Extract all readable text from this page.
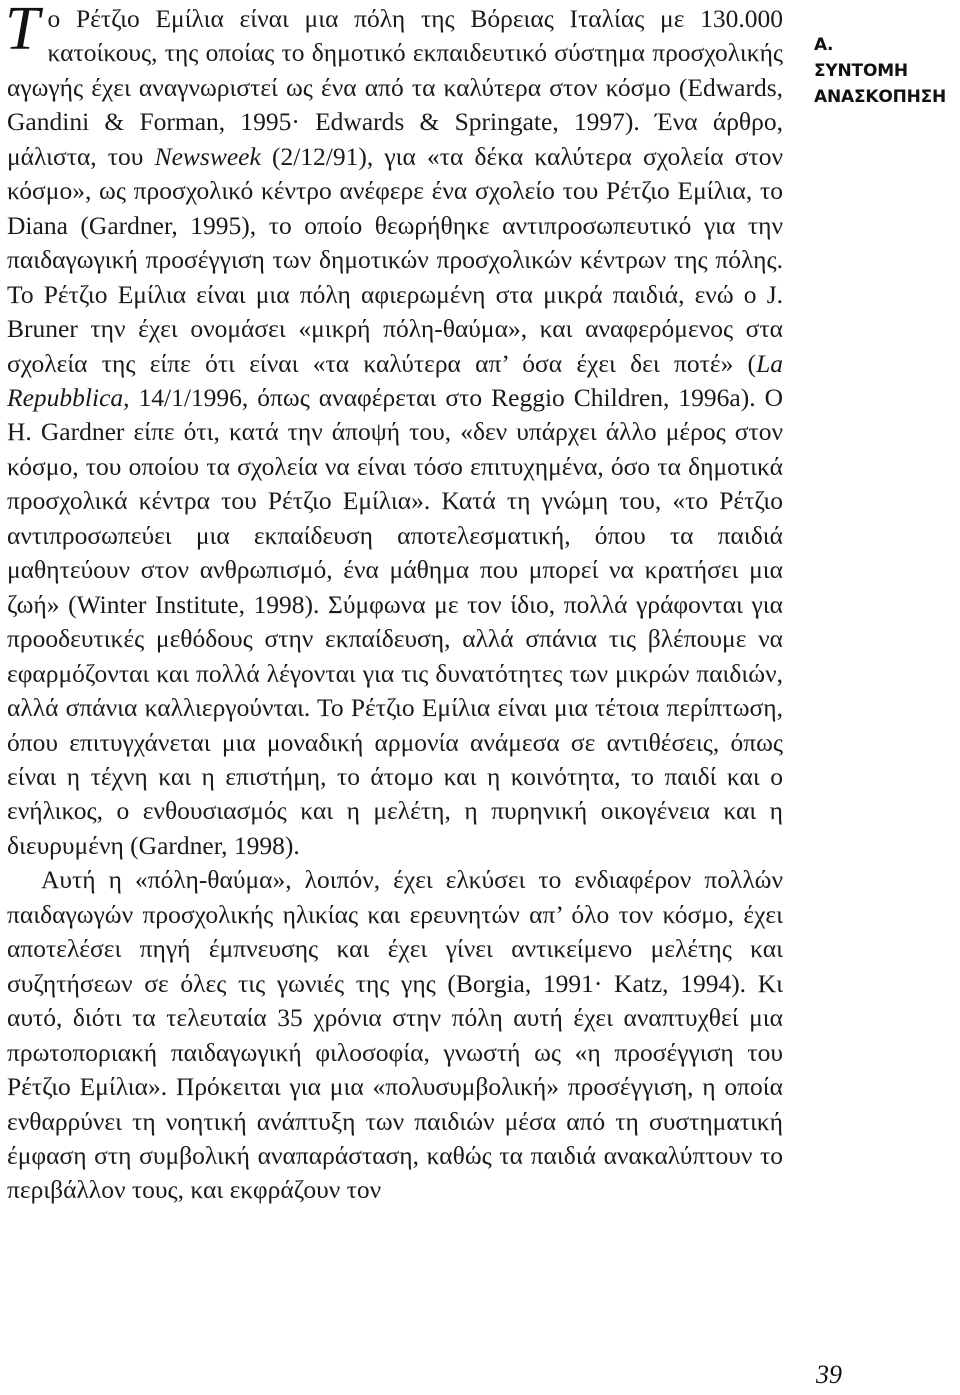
Το Ρέτζιο Εμίλια είναι μια πόλη της Βόρειας Ιταλίας με 130.000 κατοίκους, της οποίας το δημοτικό εκπαιδευτικό σύστημα προσχολικής αγωγής έχει αναγνωριστεί ως ένα από τα καλύτερα στον κόσμο (Edwards, Gandini & Forman, 1995· Edwards & Springate, 1997). Ένα άρθρο, μάλιστα, του Newsweek (2/12/91), για «τα δέκα καλύτερα σχολεία στον κόσμο», ως προσχολικό κέντρο ανέφερε ένα σχολείο του Ρέτζιο Εμίλια, το Diana (Gardner, 1995), το οποίο θεωρήθηκε αντιπροσωπευτικό για την παιδαγωγική προσέγγιση των δημοτικών προσχολικών κέντρων της πόλης. Το Ρέτζιο Εμίλια είναι μια πόλη αφιερωμένη στα μικρά παιδιά, ενώ ο J. Bruner την έχει ονομάσει «μικρή πόλη-θαύμα», και αναφερόμενος στα σχολεία της είπε ότι είναι «τα καλύτερα απ’ όσα έχει δει ποτέ» (La Repubblica, 14/1/1996, όπως αναφέρεται στο Reggio Children, 1996a). Ο Η. Gardner είπε ότι, κατά την άποψή του, «δεν υπάρχει άλλο μέρος στον κόσμο, του οποίου τα σχολεία να είναι τόσο επιτυχημένα, όσο τα δημοτικά προσχολικά κέντρα του Ρέτζιο Εμίλια». Κατά τη γνώμη του, «το Ρέτζιο αντιπροσωπεύει μια εκπαίδευση αποτελεσματική, όπου τα παιδιά μαθητεύουν στον ανθρωπισμό, ένα μάθημα που μπορεί να κρατήσει μια ζωή» (Winter Institute, 1998). Σύμφωνα με τον ίδιο, πολλά γράφονται για προοδευτικές μεθόδους στην εκπαίδευση, αλλά σπάνια τις βλέπουμε να εφαρμόζονται και πολλά λέγονται για τις δυνατότητες των μικρών παιδιών, αλλά σπάνια καλλιεργούνται. Το Ρέτζιο Εμίλια είναι μια τέτοια περίπτωση, όπου επιτυγχάνεται μια μοναδική αρμονία ανάμεσα σε αντιθέσεις, όπως είναι η τέχνη και η επιστήμη, το άτομο και η κοινότητα, το παιδί και ο ενήλικος, ο ενθουσιασμός και η μελέτη, η πυρηνική οικογένεια και η διευρυμένη (Gardner, 1998).

Αυτή η «πόλη-θαύμα», λοιπόν, έχει ελκύσει το ενδιαφέρον πολλών παιδαγωγών προσχολικής ηλικίας και ερευνητών απ’ όλο τον κόσμο, έχει αποτελέσει πηγή έμπνευσης και έχει γίνει αντικείμενο μελέτης και συζητήσεων σε όλες τις γωνιές της γης (Borgia, 1991· Katz, 1994). Κι αυτό, διότι τα τελευταία 35 χρόνια στην πόλη αυτή έχει αναπτυχθεί μια πρωτοποριακή παιδαγωγική φιλοσοφία, γνωστή ως «η προσέγγιση του Ρέτζιο Εμίλια». Πρόκειται για μια «πολυσυμβολική» προσέγγιση, η οποία ενθαρρύνει τη νοητική ανάπτυξη των παιδιών μέσα από τη συστηματική έμφαση στη συμβολική αναπαράσταση, καθώς τα παιδιά ανακαλύπτουν το περιβάλλον τους, και εκφράζουν τον

Α.
ΣΥΝΤΟΜΗ
ΑΝΑΣΚΟΠΗΣΗ
39
